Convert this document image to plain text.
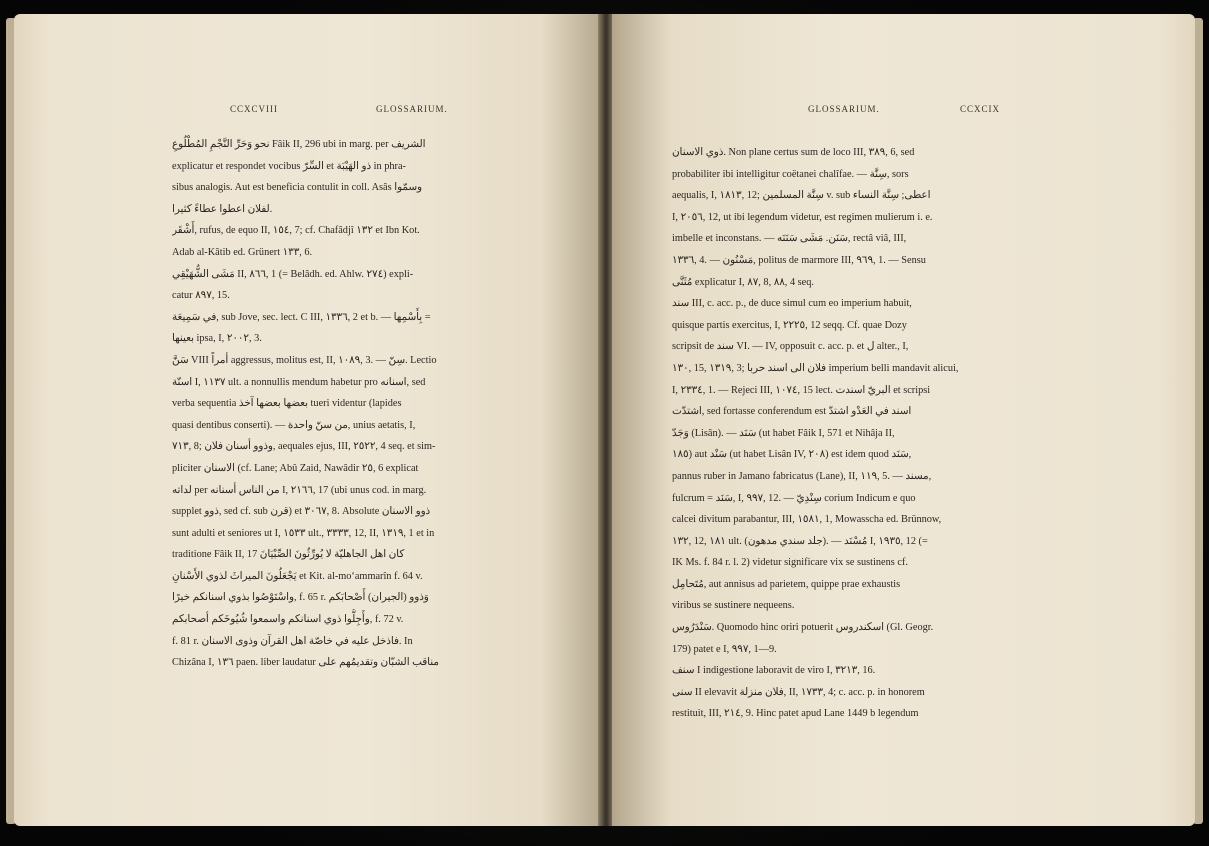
CCXCVIII	GLOSSARIUM.
نحو وَحَرِّ النَّجْمِ المُطْلُوعِ Fâik II, 296 ubi in marg. per الشريف
explicatur et respondet vocibus السِّرّ et ذو الهَيْبَة in phra-
sibus analogis. Aut est beneficia contulit in coll. Asâs وسمّوا
لفلان اعطوا عطاءً كثيرا.
أَشْقَر, rufus, de equo II, ١٥٤, 7; cf. Chafâdjî ١٣٢ et Ibn Kot.
Adab al-Kâtib ed. Grünert ١٣٣, 6.
مَشَى الشُّهَيْقِي II, ٨٦٦, 1 (= Belâdh. ed. Ahlw. ٢٧٤) expli-
catur ٨٩٧, 15.
في سَمِيعَة, sub Jove, sec. lect. C III, ١٣٣٦, 2 et b. — بِأَسْمِها =
بعينها ipsa, I, ٢٠٠٢, 3.
سَنَّ VIII أمراً aggressus, molitus est, II, ١٠٨٩, 3. — سِنّ. Lectio
اسنّة I, ١١٣٧ ult. a nonnullis mendum habetur pro اسنانه, sed
verba sequentia بعضها بعضها آخذ tueri videntur (lapides
quasi dentibus conserti). — من سنّ واحدة, unius aetatis, I,
٧١٣, 8; وذوو أسنان فلان, aequales ejus, III, ٢٥٢٢, 4 seq. et sim-
pliciter الاسنان (cf. Lane; Abû Zaid, Nawâdir ٢٥, 6 explicat
لداته per من الناس أسنانه I, ٢١٦٦, 17 (ubi unus cod. in marg.
supplet ذوو, sed cf. sub قرن) et ٣٠٦٧, 8. Absolute ذوو الاسنان
sunt adulti et seniores ut I, ١٥٣٣ ult., ٣٣٣٣, 12, II, ١٣١٩, 1 et in
traditione Fâik II, 17 كان اهل الجاهليّة لا يُورِّثُونَ الصِّبْيَانَ
يَجْعَلُونَ الميراثَ لذوي الأَسْنانِ et Kit. al-mo‘ammarîn f. 64 v.
واسْتَوْصُوا بذوي اسنانكم خيرًا, f. 65 r. وَذوو (الجيران) أَصْحابَكم
وأَجِلُّوا ذوي اسنانكم واسمعوا شُيُوخَكم أصحابكم, f. 72 v.
f. 81 r. فاذخل عليه في خاصّة اهل القرآن وذوى الاسنان. In
Chizâna I, ١٣٦ paen. liber laudatur مناقب الشبّان وتقديمُهم على
GLOSSARIUM.	CCXCIX
ذوي الاسنان. Non plane certus sum de loco III, ٣٨٩, 6, sed
probabiliter ibi intelligitur coëtanei chalîfae. — سِنَّة, sors
aequalis, I, ١٨١٣, 12; سِنَّة المسلمين v. sub اعطى; سِنَّة النساء
I, ٢٠٥٦, 12, ut ibi legendum videtur, est regimen mulierum i. e.
imbelle et inconstans. — سَنَن. مَشَى سَنَنَه, rectâ viâ, III,
١٣٣٦, 4. — مَسْنُون, politus de marmore III, ٩٦٩, 1. — Sensu
مُثَنَّى explicatur I, ٨٧, 8, ٨٨, 4 seq.
سند III, c. acc. p., de duce simul cum eo imperium habuit,
quisque partis exercitus, I, ٢٢٢٥, 12 seqq. Cf. quae Dozy
scripsit de سند VI. — IV, opposuit c. acc. p. et ل alter., I,
١٣٠, 15, ١٣١٩, 3; فلان الى اسند حربا imperium belli mandavit alicui,
I, ٢٣٣٤, 1. — Rejeci III, ١٠٧٤, 15 lect. البريّ اسندت et scripsi
اشتدّت, sed fortasse conferendum est اسند في العَدْو اشتدّ
وَجَدّ (Lisân). — سَنَد (ut habet Fâik I, 571 et Nihâja II,
١٨٥) aut سَنْد (ut habet Lisân IV, ٢٠٨) est idem quod سَنَد,
pannus ruber in Jamano fabricatus (Lane), II, ١١٩, 5. — مسند,
fulcrum = سَنَد, I, ٩٩٧, 12. — سِنْدِيّ corium Indicum e quo
calcei divitum parabantur, III, ١٥٨١, 1, Mowasscha ed. Brünnow,
١٣٢, 12, ١٨١ ult. (جلد سندي مدهون). — مُسْنَد I, ١٩٣٥, 12 (=
IK Ms. f. 84 r. l. 2) videtur significare vix se sustinens cf.
مُتَحامِل, aut annisus ad parietem, quippe prae exhaustis
viribus se sustinere nequeens.
سَنْدَرُوس. Quomodo hinc oriri potuerit اسكندروس (Gl. Geogr.
179) patet e I, ٩٩٧, 1—9.
سنف I indigestione laboravit de viro I, ٣٢١٣, 16.
سنى II elevavit فلان منزلة, II, ١٧٣٣, 4; c. acc. p. in honorem
restituit, III, ٢١٤, 9. Hinc patet apud Lane 1449 b legendum
